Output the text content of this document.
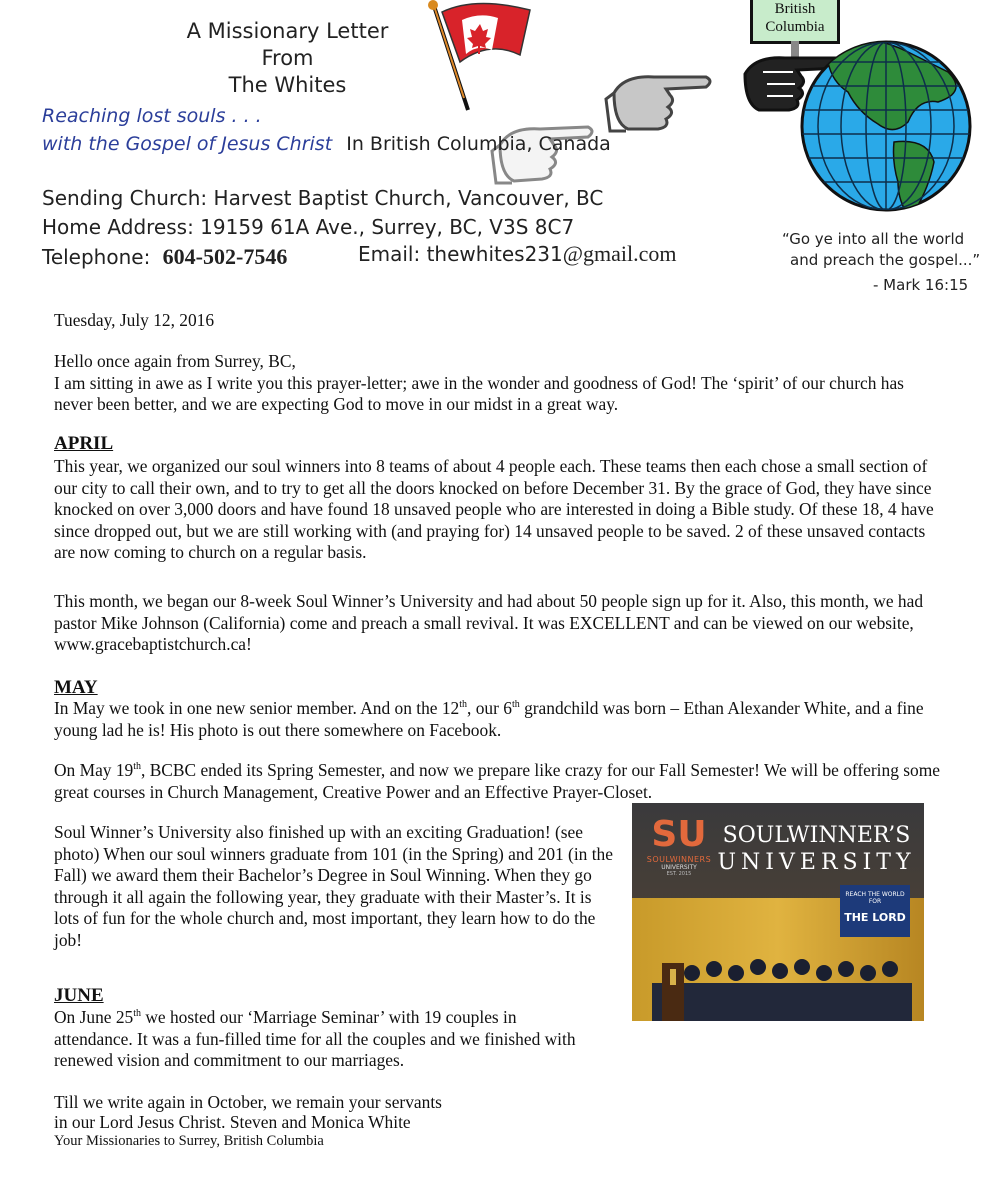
A Missionary Letter From
The Whites
British
Columbia
Reaching lost souls . . .
with the Gospel of Jesus Christ In British Columbia, Canada
Sending Church: Harvest Baptist Church, Vancouver, BC
Home Address: 19159 61A Ave., Surrey, BC, V3S 8C7
Telephone: 604-502-7546	Email: thewhites231@gmail.com
“Go ye into all the world
and preach the gospel...”
- Mark 16:15
Tuesday, July 12, 2016

Hello once again from Surrey, BC,

I am sitting in awe as I write you this prayer-letter; awe in the wonder and goodness of God! The ‘spirit’ of our church has never been better, and we are expecting God to move in our midst in a great way.

APRIL
This year, we organized our soul winners into 8 teams of about 4 people each. These teams then each chose a small section of our city to call their own, and to try to get all the doors knocked on before December 31. By the grace of God, they have since knocked on over 3,000 doors and have found 18 unsaved people who are interested in doing a Bible study. Of these 18, 4 have since dropped out, but we are still working with (and praying for) 14 unsaved people to be saved. 2 of these unsaved contacts are now coming to church on a regular basis.
This month, we began our 8-week Soul Winner’s University and had about 50 people sign up for it. Also, this month, we had pastor Mike Johnson (California) come and preach a small revival. It was EXCELLENT and can be viewed on our website, www.gracebaptistchurch.ca!
MAY
In May we took in one new senior member. And on the 12th, our 6th grandchild was born – Ethan Alexander White, and a fine young lad he is! His photo is out there somewhere on Facebook.
On May 19th, BCBC ended its Spring Semester, and now we prepare like crazy for our Fall Semester! We will be offering some great courses in Church Management, Creative Power and an Effective Prayer-Closet.
Soul Winner’s University also finished up with an exciting Graduation! (see photo) When our soul winners graduate from 101 (in the Spring) and 201 (in the Fall) we award them their Bachelor’s Degree in Soul Winning. When they go through it all again the following year, they graduate with their Master’s. It is lots of fun for the whole church and, most important, they learn how to do the job!
SU
SOULWINNERS
UNIVERSITY
EST. 2015
SOULWINNER’S
UNIVERSITY
REACH THE WORLD FOR
THE LORD
JUNE
On June 25th we hosted our ‘Marriage Seminar’ with 19 couples in attendance. It was a fun-filled time for all the couples and we finished with renewed vision and commitment to our marriages.

Till we write again in October, we remain your servants

in our Lord Jesus Christ. Steven and Monica White

Your Missionaries to Surrey, British Columbia
